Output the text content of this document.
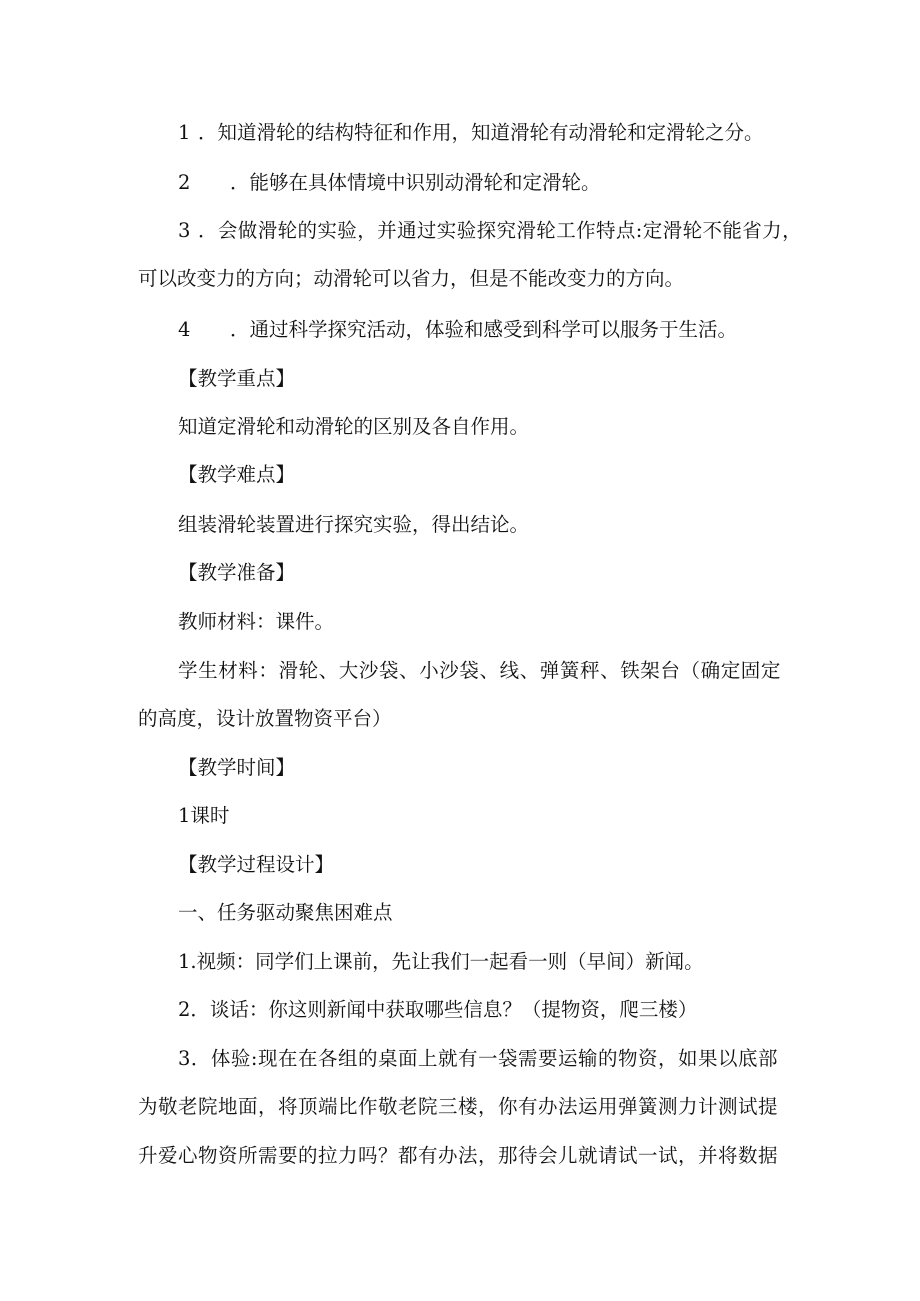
1 ．知道滑轮的结构特征和作用，知道滑轮有动滑轮和定滑轮之分。
2 ．能够在具体情境中识别动滑轮和定滑轮。
3 ．会做滑轮的实验，并通过实验探究滑轮工作特点:定滑轮不能省力，
可以改变力的方向；动滑轮可以省力，但是不能改变力的方向。
4 ．通过科学探究活动，体验和感受到科学可以服务于生活。
【教学重点】
知道定滑轮和动滑轮的区别及各自作用。
【教学难点】
组装滑轮装置进行探究实验，得出结论。
【教学准备】
教师材料：课件。
学生材料：滑轮、大沙袋、小沙袋、线、弹簧秤、铁架台（确定固定
的高度，设计放置物资平台）
【教学时间】
1课时
【教学过程设计】
一、任务驱动聚焦困难点
1.视频：同学们上课前，先让我们一起看一则（早间）新闻。
2．谈话：你这则新闻中获取哪些信息？（提物资，爬三楼）
3．体验:现在在各组的桌面上就有一袋需要运输的物资，如果以底部
为敬老院地面，将顶端比作敬老院三楼，你有办法运用弹簧测力计测试提
升爱心物资所需要的拉力吗？都有办法，那待会儿就请试一试，并将数据
